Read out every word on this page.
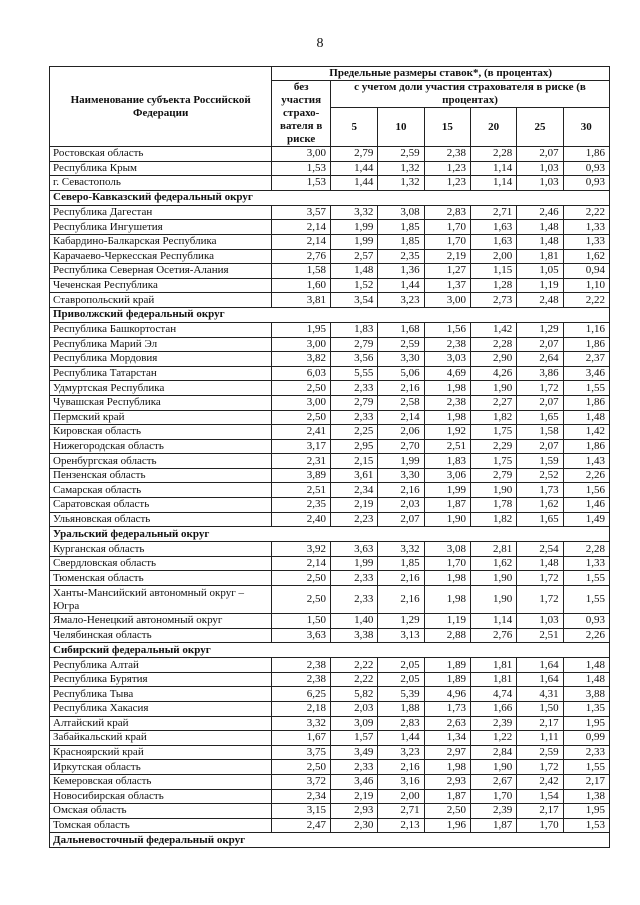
8
Наименование субъекта Российской Федерации	Предельные размеры ставок*, (в процентах)						
	без участия страхо-вателя в риске	с учетом доли участия страхователя в риске (в процентах)					
		5	10	15	20	25	30
Ростовская область	3,00	2,79	2,59	2,38	2,28	2,07	1,86
Республика Крым	1,53	1,44	1,32	1,23	1,14	1,03	0,93
г. Севастополь	1,53	1,44	1,32	1,23	1,14	1,03	0,93
Северо-Кавказский федеральный округ							
Республика Дагестан	3,57	3,32	3,08	2,83	2,71	2,46	2,22
Республика Ингушетия	2,14	1,99	1,85	1,70	1,63	1,48	1,33
Кабардино-Балкарская Республика	2,14	1,99	1,85	1,70	1,63	1,48	1,33
Карачаево-Черкесская Республика	2,76	2,57	2,35	2,19	2,00	1,81	1,62
Республика Северная Осетия-Алания	1,58	1,48	1,36	1,27	1,15	1,05	0,94
Чеченская Республика	1,60	1,52	1,44	1,37	1,28	1,19	1,10
Ставропольский край	3,81	3,54	3,23	3,00	2,73	2,48	2,22
Приволжский федеральный округ							
Республика Башкортостан	1,95	1,83	1,68	1,56	1,42	1,29	1,16
Республика Марий Эл	3,00	2,79	2,59	2,38	2,28	2,07	1,86
Республика Мордовия	3,82	3,56	3,30	3,03	2,90	2,64	2,37
Республика Татарстан	6,03	5,55	5,06	4,69	4,26	3,86	3,46
Удмуртская Республика	2,50	2,33	2,16	1,98	1,90	1,72	1,55
Чувашская Республика	3,00	2,79	2,58	2,38	2,27	2,07	1,86
Пермский край	2,50	2,33	2,14	1,98	1,82	1,65	1,48
Кировская область	2,41	2,25	2,06	1,92	1,75	1,58	1,42
Нижегородская область	3,17	2,95	2,70	2,51	2,29	2,07	1,86
Оренбургская область	2,31	2,15	1,99	1,83	1,75	1,59	1,43
Пензенская область	3,89	3,61	3,30	3,06	2,79	2,52	2,26
Самарская область	2,51	2,34	2,16	1,99	1,90	1,73	1,56
Саратовская область	2,35	2,19	2,03	1,87	1,78	1,62	1,46
Ульяновская область	2,40	2,23	2,07	1,90	1,82	1,65	1,49
Уральский федеральный округ							
Курганская область	3,92	3,63	3,32	3,08	2,81	2,54	2,28
Свердловская область	2,14	1,99	1,85	1,70	1,62	1,48	1,33
Тюменская область	2,50	2,33	2,16	1,98	1,90	1,72	1,55
Ханты-Мансийский автономный округ – Югра	2,50	2,33	2,16	1,98	1,90	1,72	1,55
Ямало-Ненецкий автономный округ	1,50	1,40	1,29	1,19	1,14	1,03	0,93
Челябинская область	3,63	3,38	3,13	2,88	2,76	2,51	2,26
Сибирский федеральный округ							
Республика Алтай	2,38	2,22	2,05	1,89	1,81	1,64	1,48
Республика Бурятия	2,38	2,22	2,05	1,89	1,81	1,64	1,48
Республика Тыва	6,25	5,82	5,39	4,96	4,74	4,31	3,88
Республика Хакасия	2,18	2,03	1,88	1,73	1,66	1,50	1,35
Алтайский край	3,32	3,09	2,83	2,63	2,39	2,17	1,95
Забайкальский край	1,67	1,57	1,44	1,34	1,22	1,11	0,99
Красноярский край	3,75	3,49	3,23	2,97	2,84	2,59	2,33
Иркутская область	2,50	2,33	2,16	1,98	1,90	1,72	1,55
Кемеровская область	3,72	3,46	3,16	2,93	2,67	2,42	2,17
Новосибирская область	2,34	2,19	2,00	1,87	1,70	1,54	1,38
Омская область	3,15	2,93	2,71	2,50	2,39	2,17	1,95
Томская область	2,47	2,30	2,13	1,96	1,87	1,70	1,53
Дальневосточный федеральный округ							
